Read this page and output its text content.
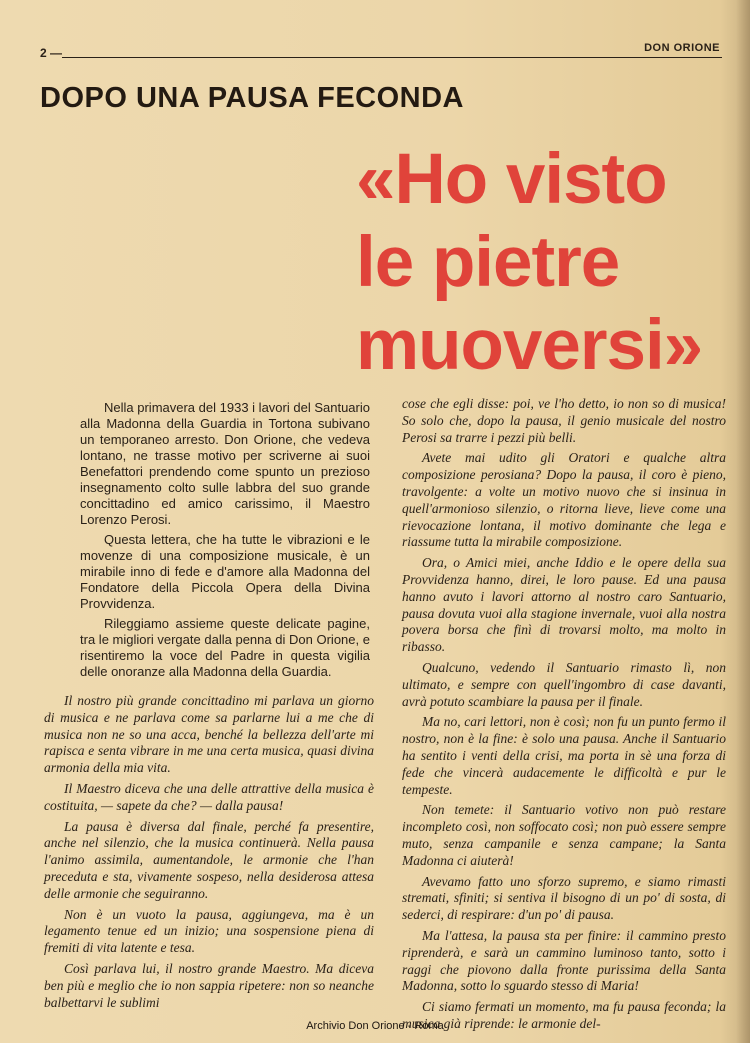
2 —	DON ORIONE
DOPO UNA PAUSA FECONDA
«Ho visto
le pietre
muoversi»

Nella primavera del 1933 i lavori del Santuario alla Madonna della Guardia in Tortona subivano un temporaneo arresto. Don Orione, che vedeva lontano, ne trasse motivo per scriverne ai suoi Benefattori prendendo come spunto un prezioso insegnamento colto sulle labbra del suo grande concittadino ed amico carissimo, il Maestro Lorenzo Perosi.

Questa lettera, che ha tutte le vibrazioni e le movenze di una composizione musicale, è un mirabile inno di fede e d'amore alla Madonna del Fondatore della Piccola Opera della Divina Provvidenza.

Rileggiamo assieme queste delicate pagine, tra le migliori vergate dalla penna di Don Orione, e risentiremo la voce del Padre in questa vigilia delle onoranze alla Madonna della Guardia.

Il nostro più grande concittadino mi parlava un giorno di musica e ne parlava come sa parlarne lui a me che di musica non ne so una acca, benché la bellezza dell'arte mi rapisca e senta vibrare in me una certa musica, quasi divina armonia della mia vita.

Il Maestro diceva che una delle attrattive della musica è costituita, — sapete da che? — dalla pausa!

La pausa è diversa dal finale, perché fa presentire, anche nel silenzio, che la musica continuerà. Nella pausa l'animo assimila, aumentandole, le armonie che l'han preceduta e sta, vivamente sospeso, nella desiderosa attesa delle armonie che seguiranno.

Non è un vuoto la pausa, aggiungeva, ma è un legamento tenue ed un inizio; una sospensione piena di fremiti di vita latente e tesa.

Così parlava lui, il nostro grande Maestro. Ma diceva ben più e meglio che io non sappia ripetere: non so neanche balbettarvi le sublimi

cose che egli disse: poi, ve l'ho detto, io non so di musica! So solo che, dopo la pausa, il genio musicale del nostro Perosi sa trarre i pezzi più belli.

Avete mai udito gli Oratori e qualche altra composizione perosiana? Dopo la pausa, il coro è pieno, travolgente: a volte un motivo nuovo che si insinua in quell'armonioso silenzio, o ritorna lieve, lieve come una rievocazione lontana, il motivo dominante che lega e riassume tutta la mirabile composizione.

Ora, o Amici miei, anche Iddio e le opere della sua Provvidenza hanno, direi, le loro pause. Ed una pausa hanno avuto i lavori attorno al nostro caro Santuario, pausa dovuta vuoi alla stagione invernale, vuoi alla nostra povera borsa che finì di trovarsi molto, ma molto in ribasso.

Qualcuno, vedendo il Santuario rimasto lì, non ultimato, e sempre con quell'ingombro di case davanti, avrà potuto scambiare la pausa per il finale.

Ma no, cari lettori, non è così; non fu un punto fermo il nostro, non è la fine: è solo una pausa. Anche il Santuario ha sentito i venti della crisi, ma porta in sè una forza di fede che vincerà audacemente le difficoltà e pur le tempeste.

Non temete: il Santuario votivo non può restare incompleto così, non soffocato così; non può essere sempre muto, senza campanile e senza campane; la Santa Madonna ci aiuterà!

Avevamo fatto uno sforzo supremo, e siamo rimasti stremati, sfiniti; si sentiva il bisogno di un po' di sosta, di sederci, di respirare: d'un po' di pausa.

Ma l'attesa, la pausa sta per finire: il cammino presto riprenderà, e sarà un cammino luminoso tanto, sotto i raggi che piovono dalla fronte purissima della Santa Madonna, sotto lo sguardo stesso di Maria!

Ci siamo fermati un momento, ma fu pausa feconda; la musica già riprende: le armonie del-

Archivio Don Orione - Roma
